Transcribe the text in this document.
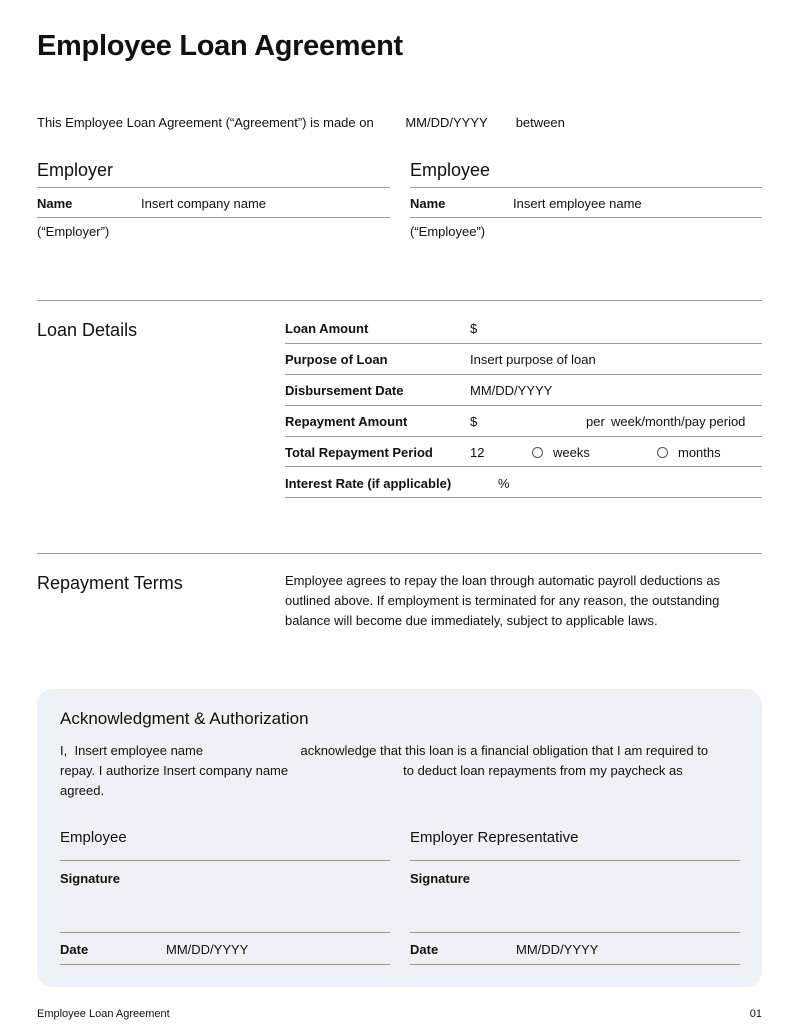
Employee Loan Agreement
This Employee Loan Agreement (“Agreement”) is made on MM/DD/YYYY between
Employer
Name	Insert company name
(“Employer”)
Employee
Name	Insert employee name
(“Employee”)
Loan Details	Loan Amount	$
Purpose of Loan	Insert purpose of loan
Disbursement Date	MM/DD/YYYY
Repayment Amount	$	per week/month/pay period
Total Repayment Period	12	weeks	months
Interest Rate (if applicable)	%
Repayment Terms	Employee agrees to repay the loan through automatic payroll deductions as outlined above. If employment is terminated for any reason, the outstanding balance will become due immediately, subject to applicable laws.
Acknowledgment & Authorization
I, Insert employee name	acknowledge that this loan is a financial obligation that I am required to repay. I authorize Insert company name	to deduct loan repayments from my paycheck as agreed.
Employee
Signature
Date	MM/DD/YYYY
Employer Representative
Signature
Date	MM/DD/YYYY
Employee Loan Agreement	01
